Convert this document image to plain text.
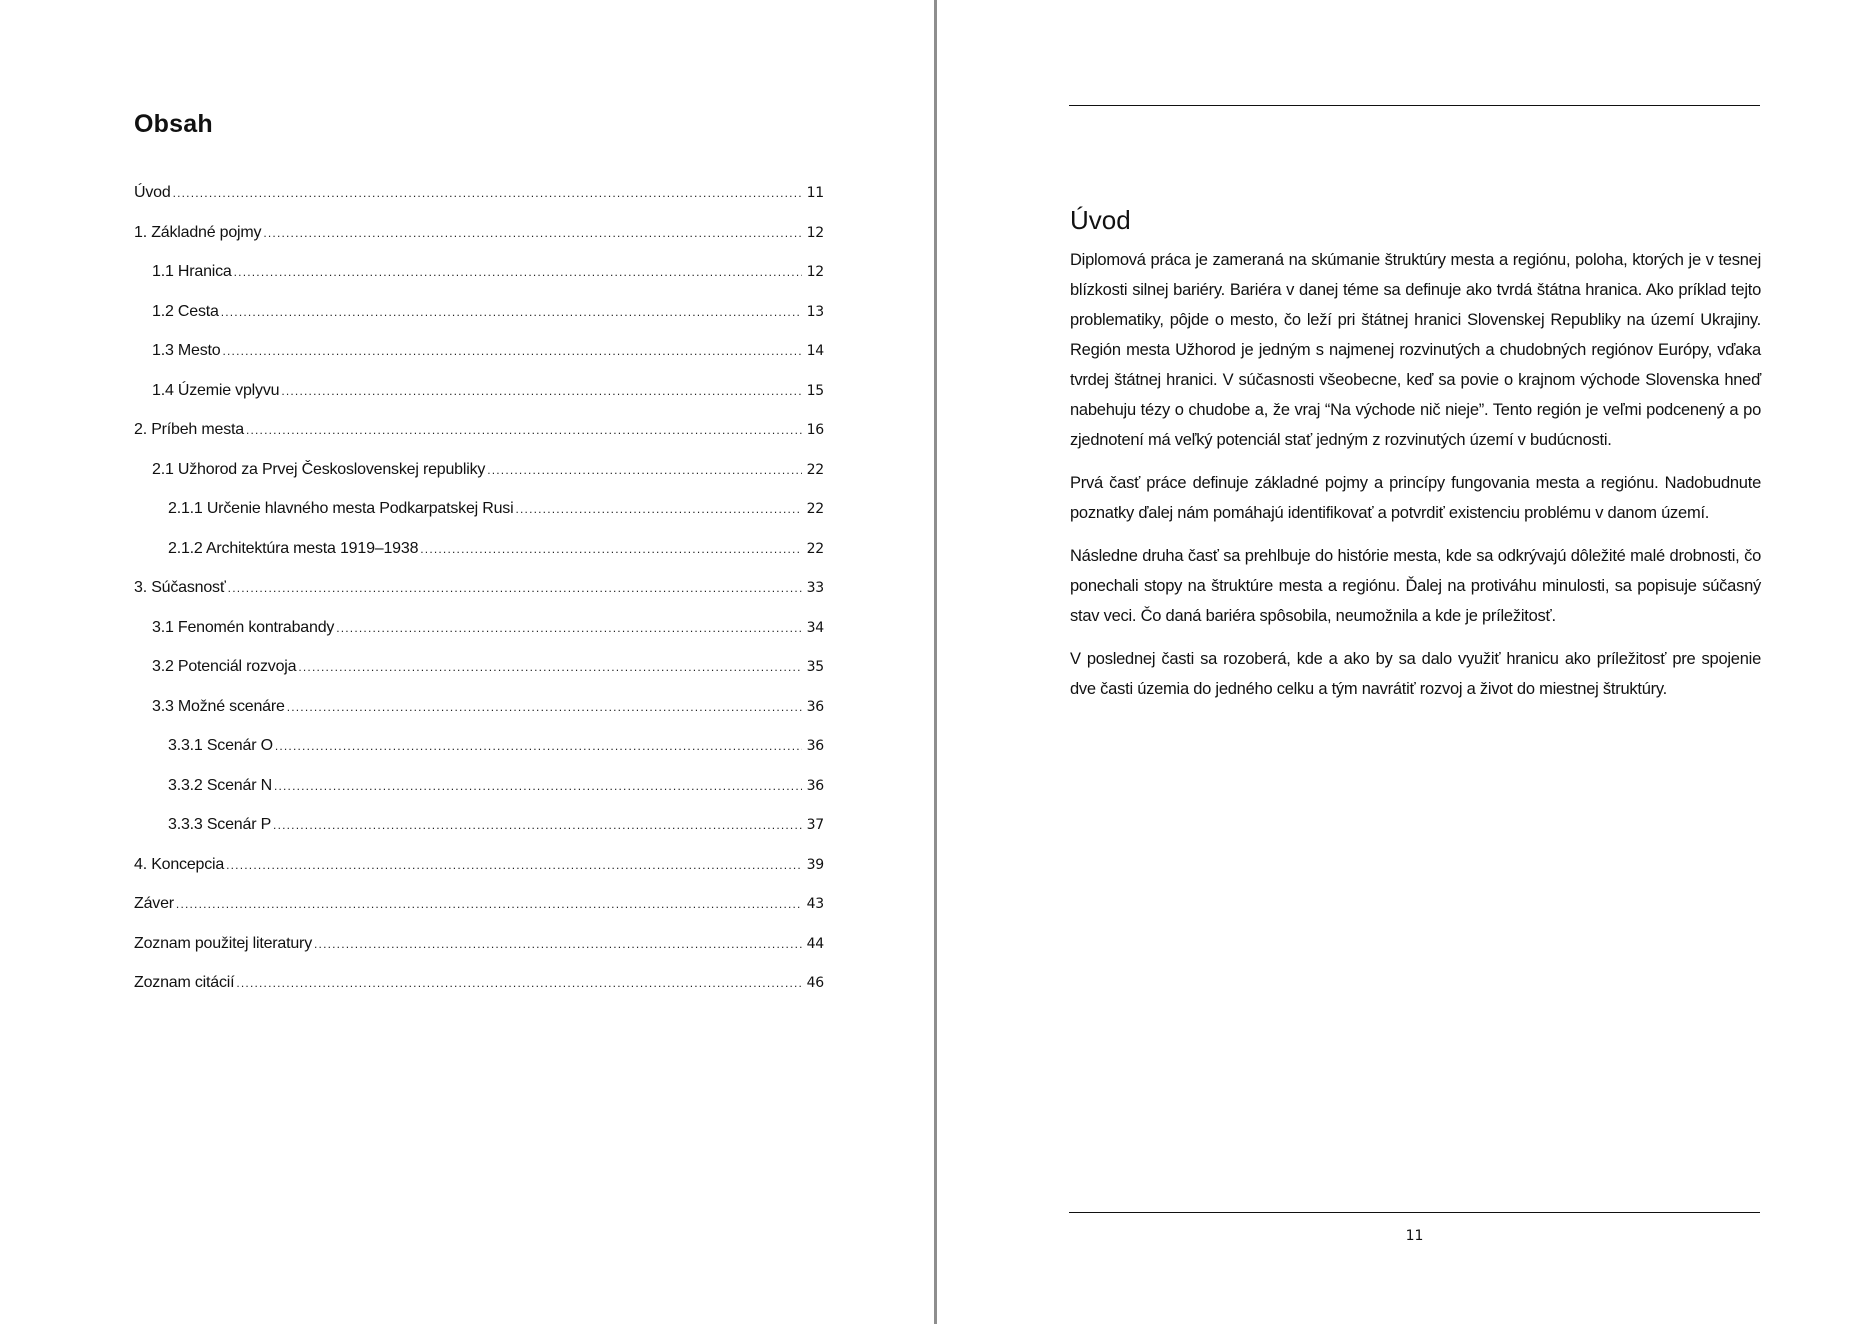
Obsah
Úvod .....	11
1. Základné pojmy .....	12
1.1 Hranica .....	12
1.2 Cesta .....	13
1.3 Mesto .....	14
1.4 Územie vplyvu .....	15
2. Príbeh mesta .....	16
2.1 Užhorod za Prvej Československej republiky .....	22
2.1.1 Určenie hlavného mesta Podkarpatskej Rusi .....	22
2.1.2 Architektúra mesta 1919–1938 .....	22
3. Súčasnosť .....	33
3.1 Fenomén kontrabandy .....	34
3.2 Potenciál rozvoja .....	35
3.3 Možné scenáre .....	36
3.3.1 Scenár O .....	36
3.3.2 Scenár N .....	36
3.3.3 Scenár P .....	37
4. Koncepcia .....	39
Záver .....	43
Zoznam použitej literatury .....	44
Zoznam citácií .....	46
Úvod

Diplomová práca je zameraná na skúmanie štruktúry mesta a regiónu, poloha, ktorých je v tesnej blízkosti silnej bariéry. Bariéra v danej téme sa definuje ako tvrdá štátna hranica. Ako príklad tejto problematiky, pôjde o mesto, čo leží pri štátnej hranici Slovenskej Republiky na území Ukrajiny. Región mesta Užhorod je jedným s najmenej rozvinutých a chudobných regiónov Európy, vďaka tvrdej štátnej hranici. V súčasnosti všeobecne, keď sa povie o krajnom východe Slovenska hneď nabehuju tézy o chudobe a, že vraj “Na východe nič nieje”. Tento región je veľmi podcenený a po zjednotení má veľký potenciál stať jedným z rozvinutých území v budúcnosti.

Prvá časť práce definuje základné pojmy a princípy fungovania mesta a regiónu. Nadobudnute poznatky ďalej nám pomáhajú identifikovať a potvrdiť existenciu problému v danom území.

Následne druha časť sa prehlbuje do histórie mesta, kde sa odkrývajú dôležité malé drobnosti, čo ponechali stopy na štruktúre mesta a regiónu. Ďalej na protiváhu minulosti, sa popisuje súčasný stav veci. Čo daná bariéra spôsobila, neumožnila a kde je príležitosť.

V poslednej časti sa rozoberá, kde a ako by sa dalo využiť hranicu ako príležitosť pre spojenie dve časti územia do jedného celku a tým navrátiť rozvoj a život do miestnej štruktúry.

11
